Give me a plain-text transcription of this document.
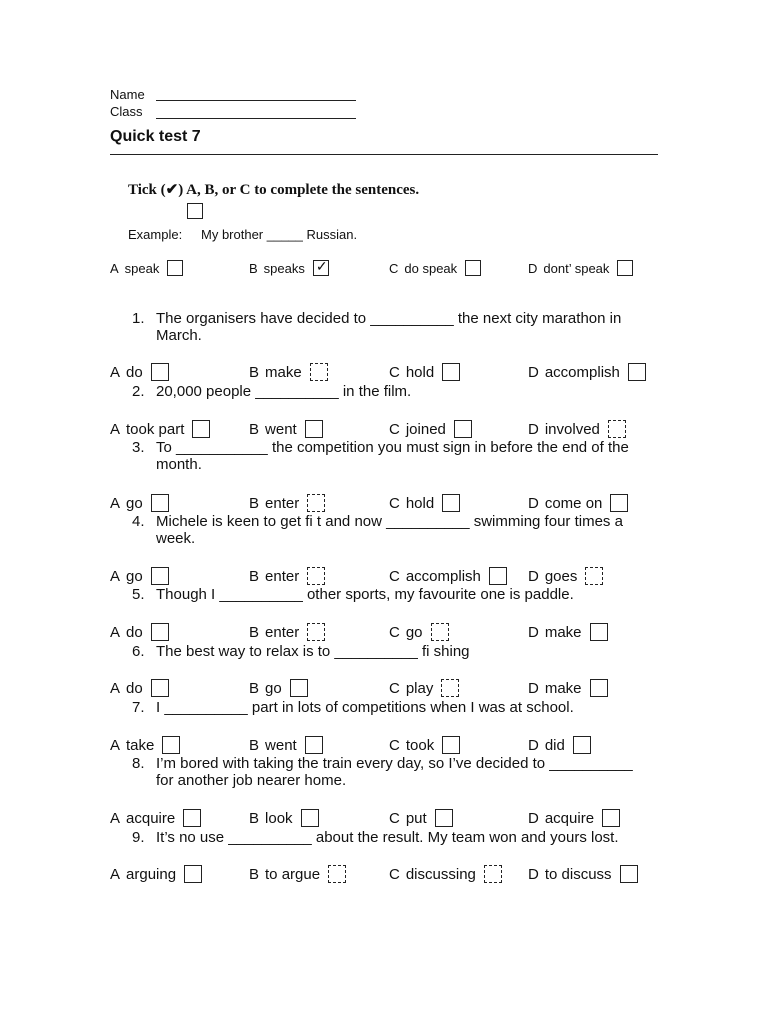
Name
Class
Quick test 7
Tick (✔) A, B, or C to complete the sentences.
Example: My brother _____ Russian.
A speak	B speaks ✓	C do speak	D dont’ speak
1. The organisers have decided to __________ the next city marathon in March.
A do	B make	C hold	D accomplish
2. 20,000 people __________ in the film.
A took part	B went	C joined	D involved
3. To ___________ the competition you must sign in before the end of the month.
A go	B enter	C hold	D come on
4. Michele is keen to get fi t and now __________ swimming four times a week.
A go	B enter	C accomplish	D goes
5. Though I __________ other sports, my favourite one is paddle.
A do	B enter	C go	D make
6. The best way to relax is to __________ fi shing
A do	B go	C play	D make
7. I __________ part in lots of competitions when I was at school.
A take	B went	C took	D did
8. I’m bored with taking the train every day, so I’ve decided to __________ for another job nearer home.
A acquire	B look	C put	D acquire
9. It’s no use __________ about the result. My team won and yours lost.
A arguing	B to argue	C discussing	D to discuss
